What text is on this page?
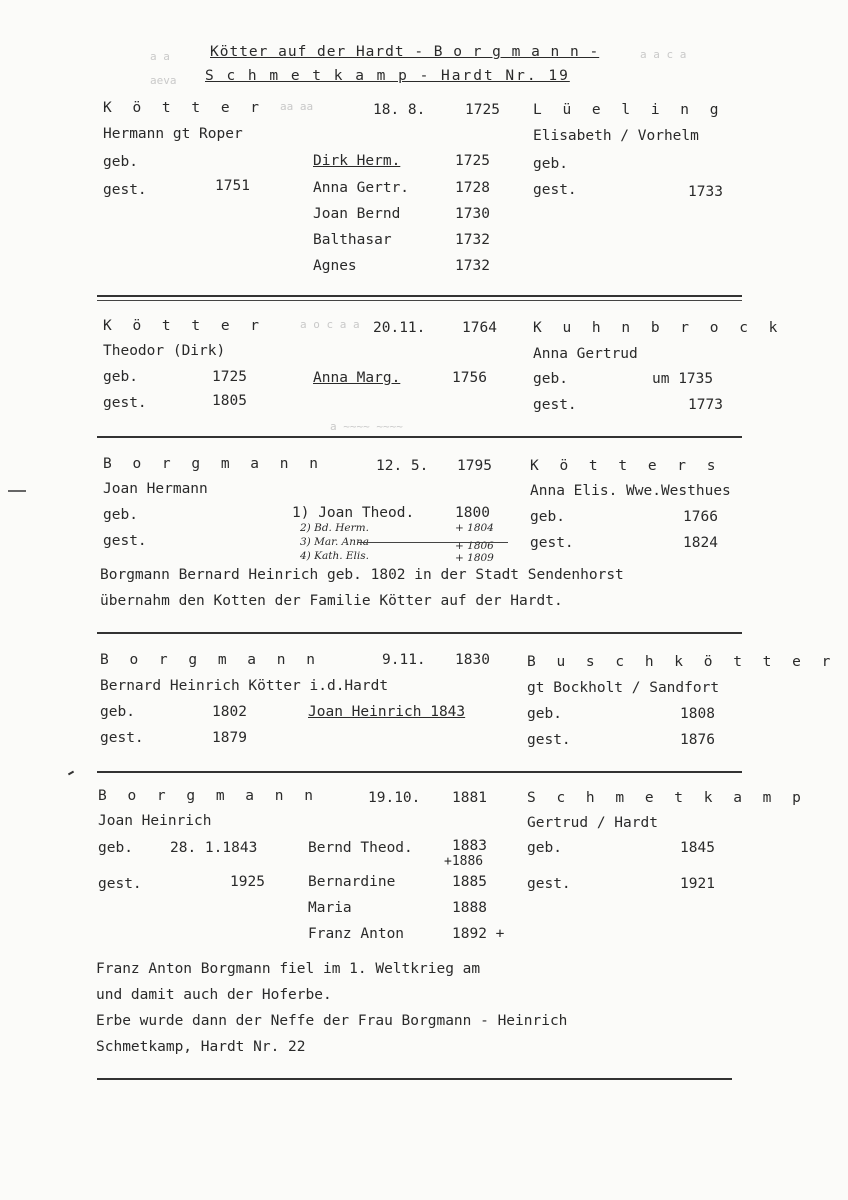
a a	a a c a
aeva
aa aa
a o c a a
a ~~~~ ~~~~
Kötter auf der Hardt - B o r g m a n n -
S c h m e t k a m p - Hardt Nr. 19
K ö t t e r
Hermann gt Roper
geb.
gest.	1751
18. 8.	1725
Dirk Herm.	1725
Anna Gertr.	1728
Joan Bernd	1730
Balthasar	1732
Agnes	1732
L ü e l i n g
Elisabeth / Vorhelm
geb.
gest.	1733
K ö t t e r
Theodor (Dirk)
geb.	1725
gest.	1805
20.11.	1764
Anna Marg.	1756
K u h n b r o c k
Anna Gertrud
geb.	um 1735
gest.	1773
B o r g m a n n
Joan Hermann
geb.
gest.
12. 5. 1795
1) Joan Theod.	1800
2) Bd. Herm.	+ 1804
3) Mar. Anna	+ 1806
4) Kath. Elis.	+ 1809
K ö t t e r s
Anna Elis. Wwe.Westhues
geb.	1766
gest.	1824
Borgmann Bernard Heinrich geb. 1802 in der Stadt Sendenhorst
übernahm den Kotten der Familie Kötter auf der Hardt.
B o r g m a n n
Bernard Heinrich Kötter i.d.Hardt
geb.	1802
gest.	1879
9.11. 1830
Joan Heinrich 1843
B u s c h k ö t t e r
gt Bockholt / Sandfort
geb.	1808
gest.	1876
B o r g m a n n
Joan Heinrich
geb.	28. 1.1843
gest.	1925
19.10. 1881
Bernd Theod.	1883
+1886
Bernardine	1885
Maria	1888
Franz Anton	1892 +
S c h m e t k a m p
Gertrud / Hardt
geb.	1845
gest.	1921
Franz Anton Borgmann fiel im 1. Weltkrieg am
und damit auch der Hoferbe.
Erbe wurde dann der Neffe der Frau Borgmann - Heinrich
Schmetkamp, Hardt Nr. 22
